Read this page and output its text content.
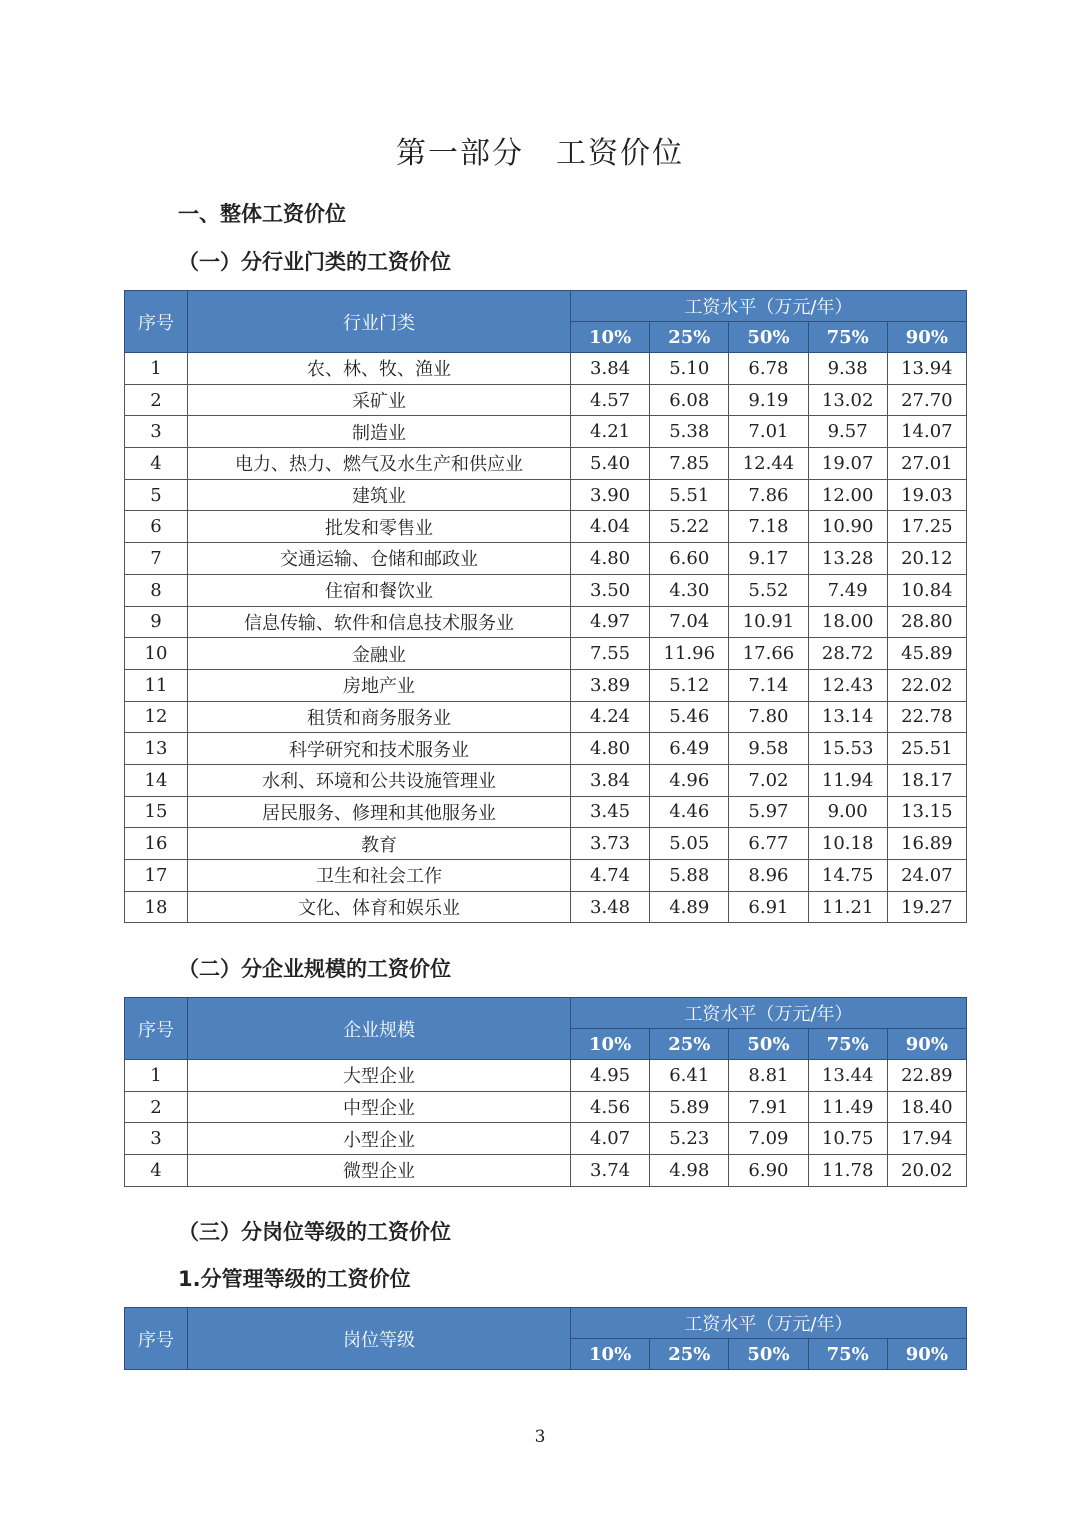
第一部分 工资价位
一、整体工资价位
（一）分行业门类的工资价位
序号	行业门类	工资水平（万元/年）				
		10%	25%	50%	75%	90%
1	农、林、牧、渔业	3.84	5.10	6.78	9.38	13.94
2	采矿业	4.57	6.08	9.19	13.02	27.70
3	制造业	4.21	5.38	7.01	9.57	14.07
4	电力、热力、燃气及水生产和供应业	5.40	7.85	12.44	19.07	27.01
5	建筑业	3.90	5.51	7.86	12.00	19.03
6	批发和零售业	4.04	5.22	7.18	10.90	17.25
7	交通运输、仓储和邮政业	4.80	6.60	9.17	13.28	20.12
8	住宿和餐饮业	3.50	4.30	5.52	7.49	10.84
9	信息传输、软件和信息技术服务业	4.97	7.04	10.91	18.00	28.80
10	金融业	7.55	11.96	17.66	28.72	45.89
11	房地产业	3.89	5.12	7.14	12.43	22.02
12	租赁和商务服务业	4.24	5.46	7.80	13.14	22.78
13	科学研究和技术服务业	4.80	6.49	9.58	15.53	25.51
14	水利、环境和公共设施管理业	3.84	4.96	7.02	11.94	18.17
15	居民服务、修理和其他服务业	3.45	4.46	5.97	9.00	13.15
16	教育	3.73	5.05	6.77	10.18	16.89
17	卫生和社会工作	4.74	5.88	8.96	14.75	24.07
18	文化、体育和娱乐业	3.48	4.89	6.91	11.21	19.27
（二）分企业规模的工资价位
序号	企业规模	工资水平（万元/年）				
		10%	25%	50%	75%	90%
1	大型企业	4.95	6.41	8.81	13.44	22.89
2	中型企业	4.56	5.89	7.91	11.49	18.40
3	小型企业	4.07	5.23	7.09	10.75	17.94
4	微型企业	3.74	4.98	6.90	11.78	20.02
（三）分岗位等级的工资价位
1.分管理等级的工资价位
序号	岗位等级	工资水平（万元/年）				
		10%	25%	50%	75%	90%
3
